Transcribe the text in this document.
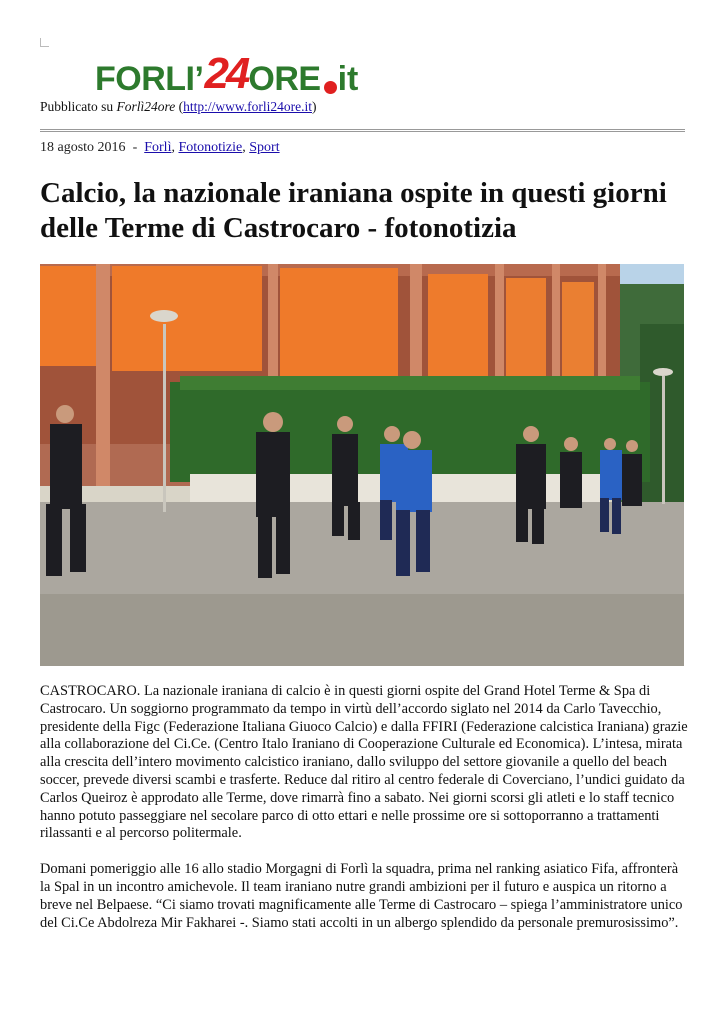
FORLI’ 24 ORE it
Pubblicato su Forlì24ore (http://www.forli24ore.it)
18 agosto 2016 - Forlì, Fotonotizie, Sport
Calcio, la nazionale iraniana ospite in questi giorni delle Terme di Castrocaro - fotonotizia

CASTROCARO. La nazionale iraniana di calcio è in questi giorni ospite del Grand Hotel Terme & Spa di Castrocaro. Un soggiorno programmato da tempo in virtù dell’accordo siglato nel 2014 da Carlo Tavecchio, presidente della Figc (Federazione Italiana Giuoco Calcio) e dalla FFIRI (Federazione calcistica Iraniana) grazie alla collaborazione del Ci.Ce. (Centro Italo Iraniano di Cooperazione Culturale ed Economica). L’intesa, mirata alla crescita dell’intero movimento calcistico iraniano, dallo sviluppo del settore giovanile a quello del beach soccer, prevede diversi scambi e trasferte. Reduce dal ritiro al centro federale di Coverciano, l’undici guidato da Carlos Queiroz è approdato alle Terme, dove rimarrà fino a sabato. Nei giorni scorsi gli atleti e lo staff tecnico hanno potuto passeggiare nel secolare parco di otto ettari e nelle prossime ore si sottoporranno a trattamenti rilassanti e al percorso politermale.

Domani pomeriggio alle 16 allo stadio Morgagni di Forlì la squadra, prima nel ranking asiatico Fifa, affronterà la Spal in un incontro amichevole. Il team iraniano nutre grandi ambizioni per il futuro e auspica un ritorno a breve nel Belpaese. “Ci siamo trovati magnificamente alle Terme di Castrocaro – spiega l’amministratore unico del Ci.Ce Abdolreza Mir Fakharei -. Siamo stati accolti in un albergo splendido da personale premurosissimo”.
